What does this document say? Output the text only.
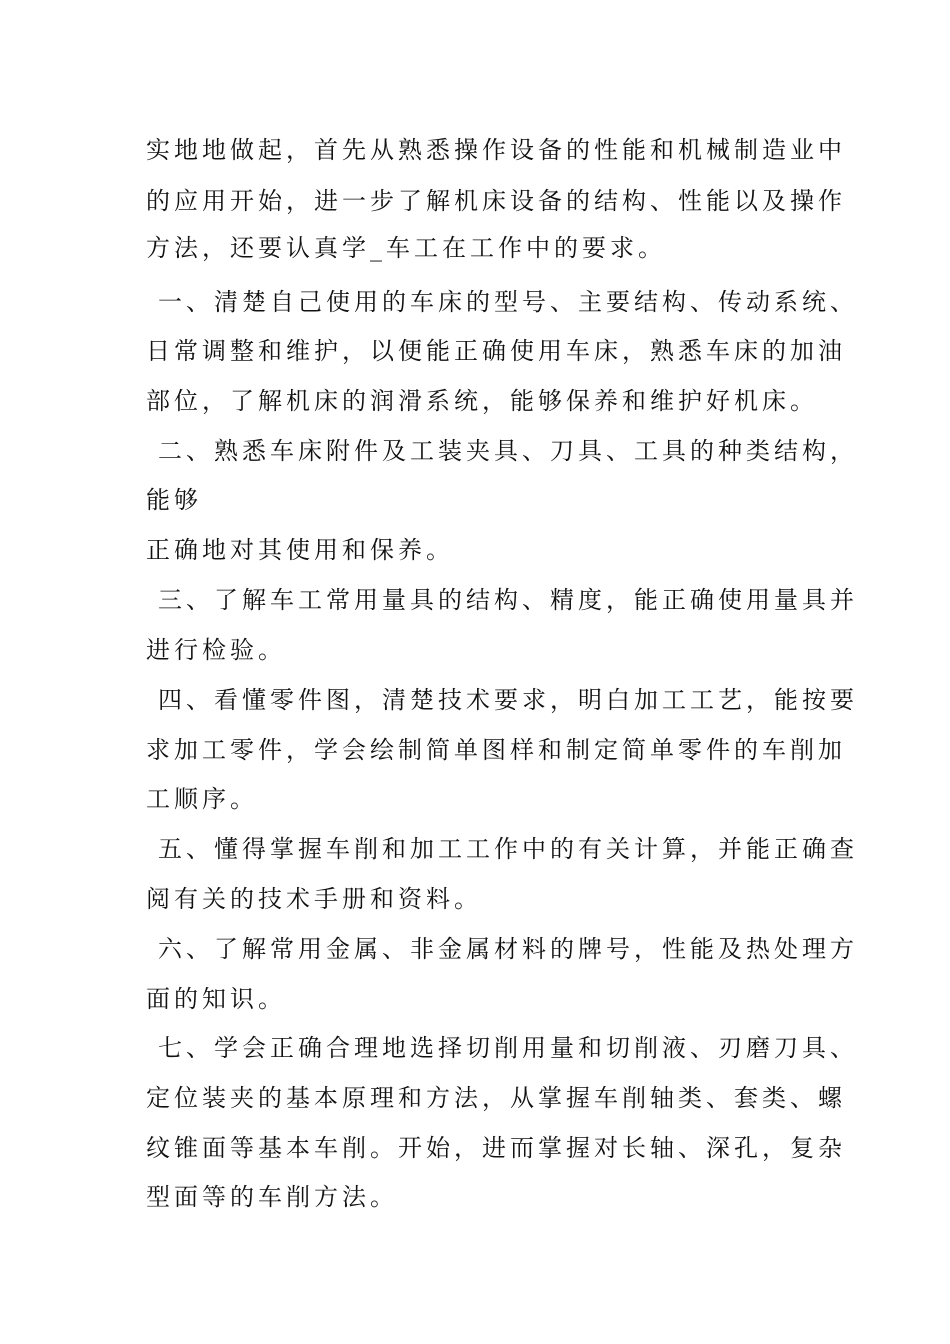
实地地做起，首先从熟悉操作设备的性能和机械制造业中
的应用开始，进一步了解机床设备的结构、性能以及操作
方法，还要认真学_车工在工作中的要求。
一、清楚自己使用的车床的型号、主要结构、传动系统、
日常调整和维护，以便能正确使用车床，熟悉车床的加油
部位，了解机床的润滑系统，能够保养和维护好机床。
二、熟悉车床附件及工装夹具、刀具、工具的种类结构，
能够
正确地对其使用和保养。
三、了解车工常用量具的结构、精度，能正确使用量具并
进行检验。
四、看懂零件图，清楚技术要求，明白加工工艺，能按要
求加工零件，学会绘制简单图样和制定简单零件的车削加
工顺序。
五、懂得掌握车削和加工工作中的有关计算，并能正确查
阅有关的技术手册和资料。
六、了解常用金属、非金属材料的牌号，性能及热处理方
面的知识。
七、学会正确合理地选择切削用量和切削液、刃磨刀具、
定位装夹的基本原理和方法，从掌握车削轴类、套类、螺
纹锥面等基本车削。开始，进而掌握对长轴、深孔，复杂
型面等的车削方法。
